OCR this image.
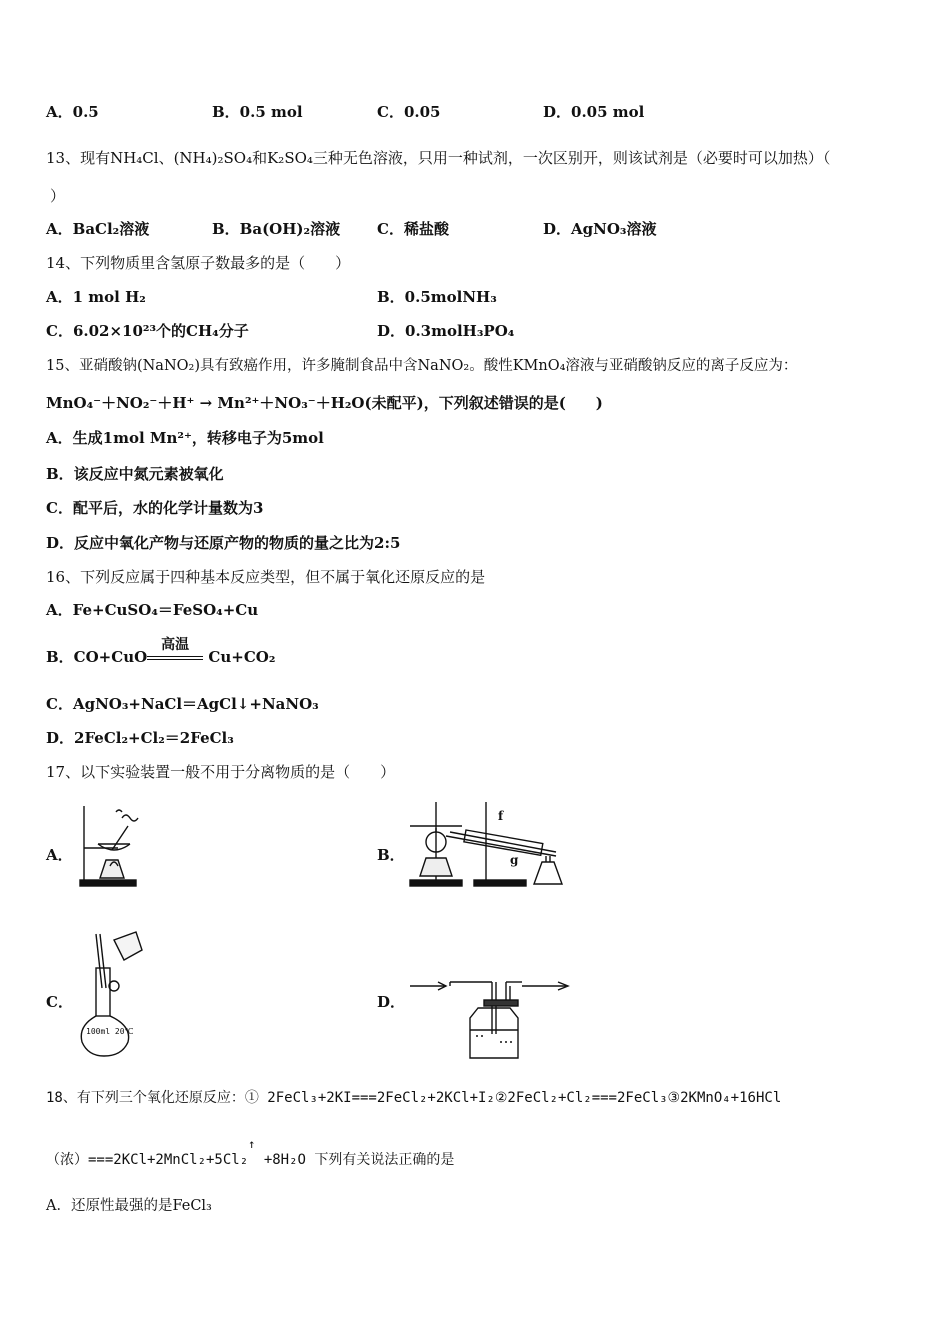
A．0.5	B．0.5 mol	C．0.05	D．0.05 mol
13、现有NH₄Cl、(NH₄)₂SO₄和K₂SO₄三种无色溶液，只用一种试剂，一次区别开，则该试剂是（必要时可以加热）（
）
A．BaCl₂溶液	B．Ba(OH)₂溶液 C．稀盐酸	D．AgNO₃溶液
14、下列物质里含氢原子数最多的是（　　）
A．1 mol H₂	B．0.5molNH₃
C．6.02×10²³个的CH₄分子	D．0.3molH₃PO₄
15、亚硝酸钠(NaNO₂)具有致癌作用，许多腌制食品中含NaNO₂。酸性KMnO₄溶液与亚硝酸钠反应的离子反应为：
MnO₄⁻＋NO₂⁻＋H⁺ → Mn²⁺＋NO₃⁻＋H₂O(未配平)，下列叙述错误的是(　　)
A．生成1mol Mn²⁺，转移电子为5mol
B．该反应中氮元素被氧化
C．配平后，水的化学计量数为3
D．反应中氧化产物与还原产物的物质的量之比为2:5
16、下列反应属于四种基本反应类型，但不属于氧化还原反应的是
A．Fe+CuSO₄＝FeSO₄+Cu
B．CO+CuO
高温
Cu+CO₂
C．AgNO₃+NaCl＝AgCl↓+NaNO₃
D．2FeCl₂+Cl₂＝2FeCl₃
17、以下实验装置一般不用于分离物质的是（　　）
A．	B．
f
g
C．
100ml 20℃
D．
18、有下列三个氧化还原反应：① 2FeCl₃+2KI===2FeCl₂+2KCl+I₂②2FeCl₂+Cl₂===2FeCl₃③2KMnO₄+16HCl
（浓）===2KCl+2MnCl₂+5Cl₂↑ +8H₂O 下列有关说法正确的是
A．还原性最强的是FeCl₃
